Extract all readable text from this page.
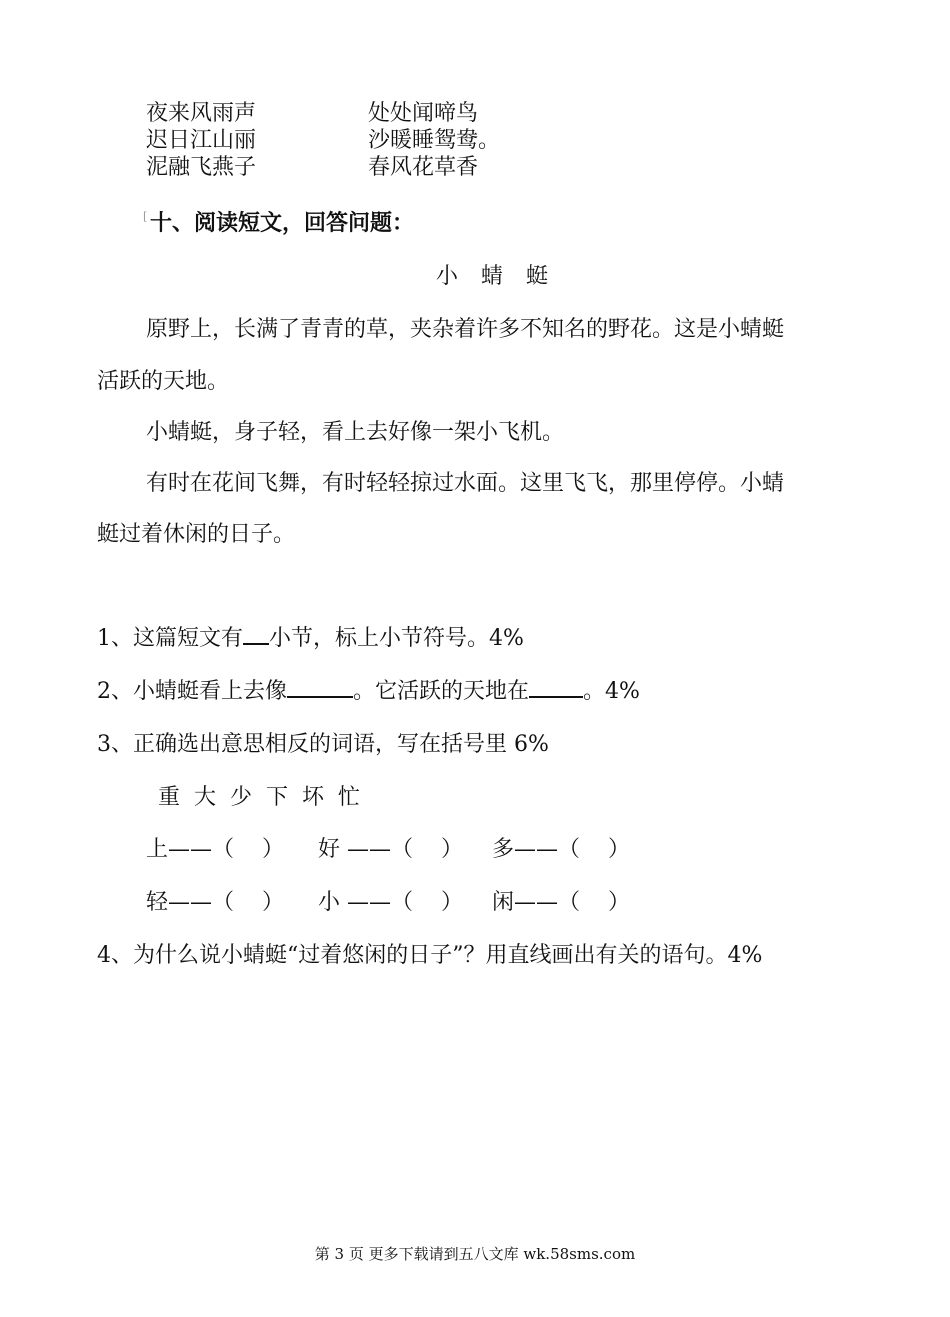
夜来风雨声	处处闻啼鸟
迟日江山丽	沙暖睡鸳鸯。
泥融飞燕子	春风花草香
[ 十、阅读短文，回答问题：
小 蜻 蜓
原野上，长满了青青的草，夹杂着许多不知名的野花。这是小蜻蜓
活跃的天地。
小蜻蜓，身子轻，看上去好像一架小飞机。
有时在花间飞舞，有时轻轻掠过水面。这里飞飞，那里停停。小蜻
蜓过着休闲的日子。
1、这篇短文有 小节，标上小节符号。4%
2、小蜻蜓看上去像	。它活跃的天地在 。4%
3、正确选出意思相反的词语，写在括号里 6%
重  大  少  下  坏  忙
上——（    ） 好 ——（    ） 多——（    ）
轻——（    ） 小 ——（    ） 闲——（    ）
4、为什么说小蜻蜓“过着悠闲的日子”？用直线画出有关的语句。4%
第 3 页 更多下载请到五八文库 wk.58sms.com
